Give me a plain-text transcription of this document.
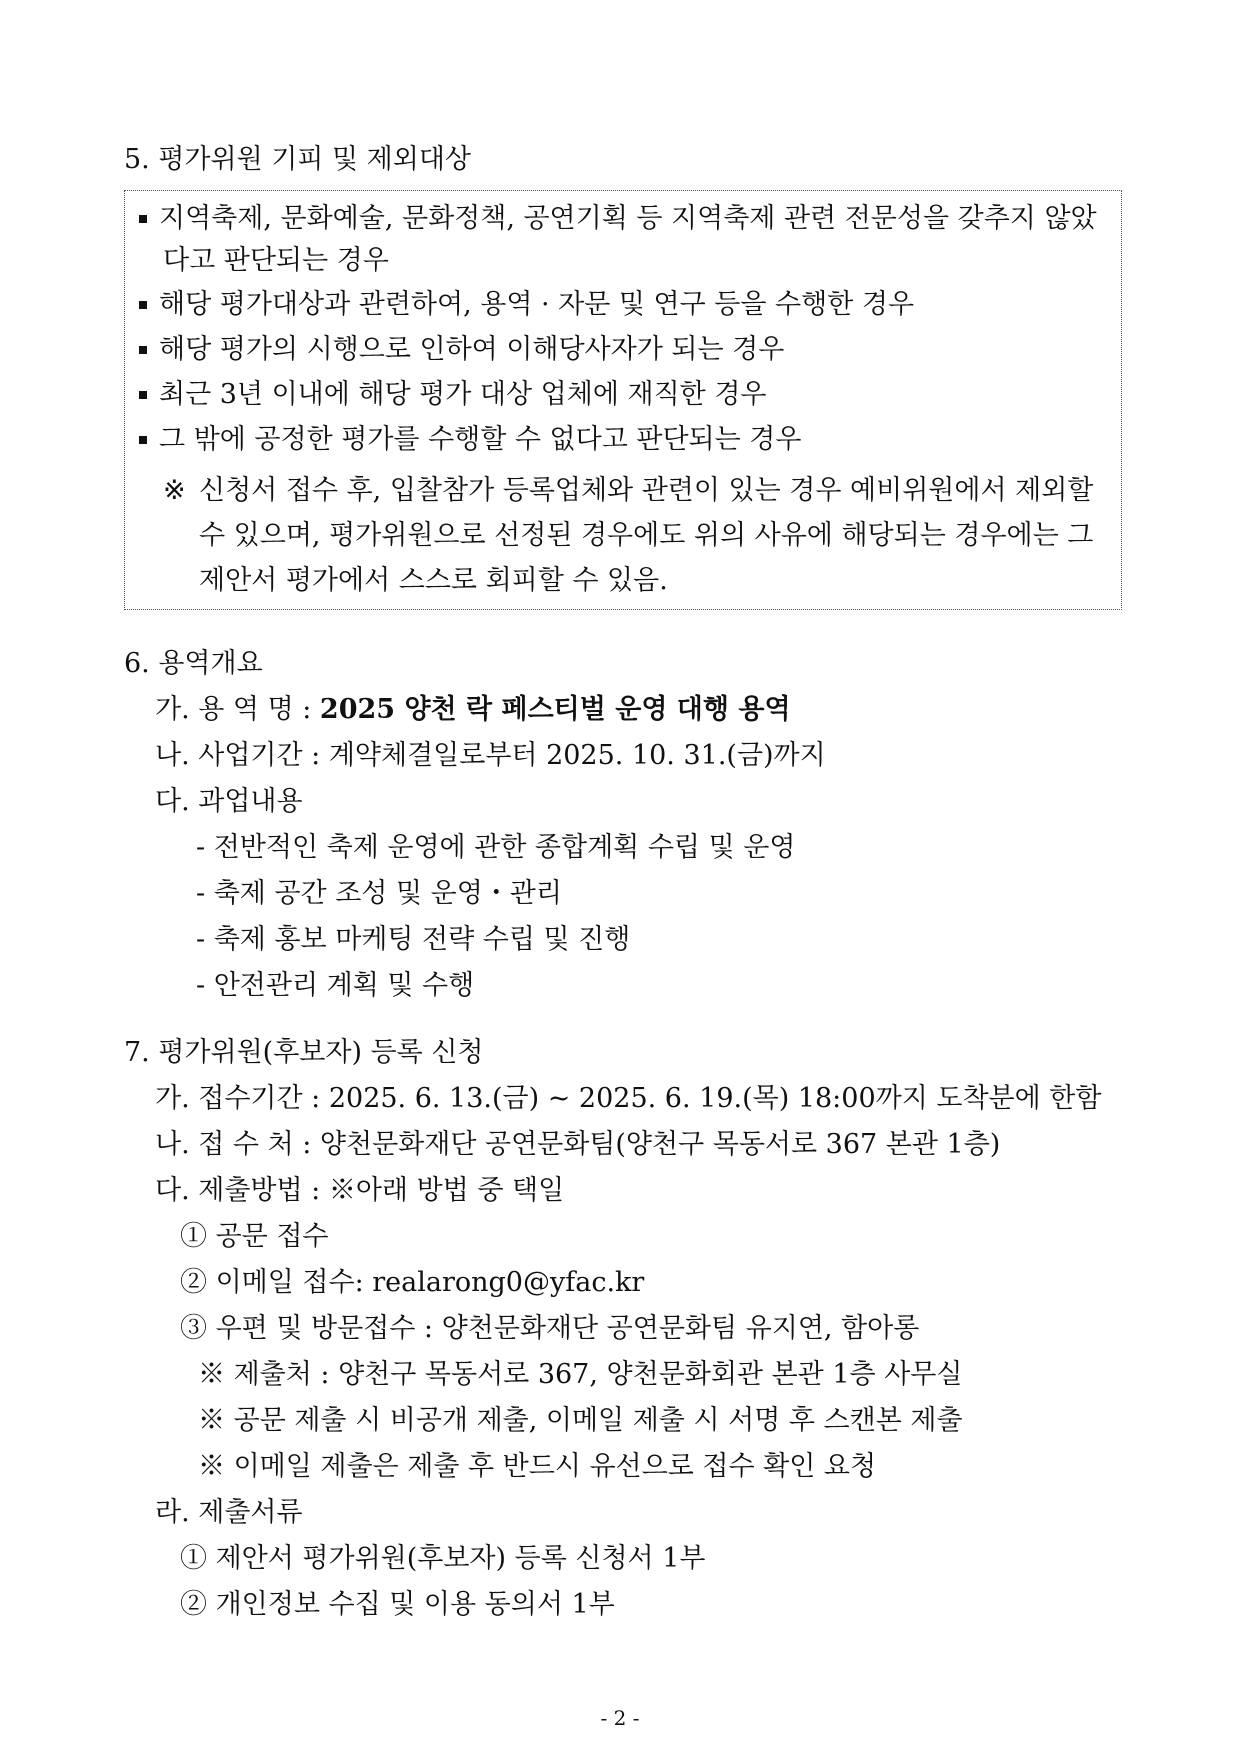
5. 평가위원 기피 및 제외대상
지역축제, 문화예술, 문화정책, 공연기획 등 지역축제 관련 전문성을 갖추지 않았
다고 판단되는 경우
해당 평가대상과 관련하여, 용역 · 자문 및 연구 등을 수행한 경우
해당 평가의 시행으로 인하여 이해당사자가 되는 경우
최근 3년 이내에 해당 평가 대상 업체에 재직한 경우
그 밖에 공정한 평가를 수행할 수 없다고 판단되는 경우
※ 신청서 접수 후, 입찰참가 등록업체와 관련이 있는 경우 예비위원에서 제외할
수 있으며, 평가위원으로 선정된 경우에도 위의 사유에 해당되는 경우에는 그
제안서 평가에서 스스로 회피할 수 있음.
6. 용역개요
가. 용 역 명 : 2025 양천 락 페스티벌 운영 대행 용역
나. 사업기간 : 계약체결일로부터 2025. 10. 31.(금)까지
다. 과업내용
- 전반적인 축제 운영에 관한 종합계획 수립 및 운영
- 축제 공간 조성 및 운영・관리
- 축제 홍보 마케팅 전략 수립 및 진행
- 안전관리 계획 및 수행
7. 평가위원(후보자) 등록 신청
가. 접수기간 : 2025. 6. 13.(금) ~ 2025. 6. 19.(목) 18:00까지 도착분에 한함
나. 접 수 처 : 양천문화재단 공연문화팀(양천구 목동서로 367 본관 1층)
다. 제출방법 : ※아래 방법 중 택일
① 공문 접수
② 이메일 접수: realarong0@yfac.kr
③ 우편 및 방문접수 : 양천문화재단 공연문화팀 유지연, 함아롱
※ 제출처 : 양천구 목동서로 367, 양천문화회관 본관 1층 사무실
※ 공문 제출 시 비공개 제출, 이메일 제출 시 서명 후 스캔본 제출
※ 이메일 제출은 제출 후 반드시 유선으로 접수 확인 요청
라. 제출서류
① 제안서 평가위원(후보자) 등록 신청서 1부
② 개인정보 수집 및 이용 동의서 1부
- 2 -
